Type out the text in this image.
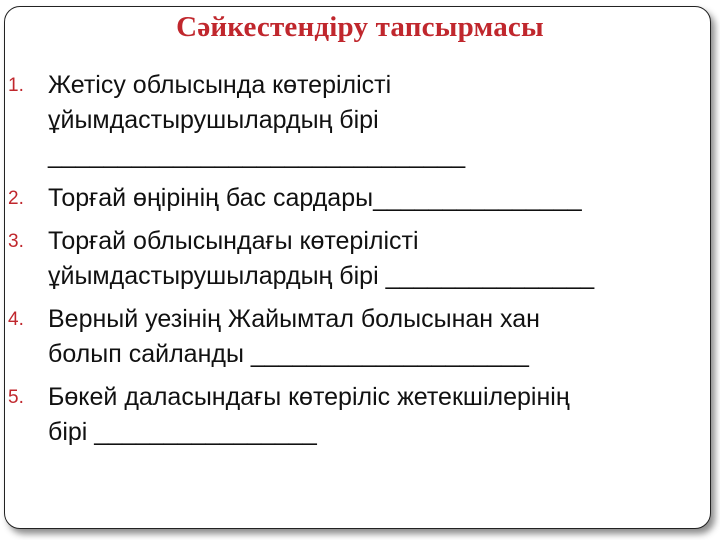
Сәйкестендіру тапсырмасы
1. Жетісу облысында көтерілісті
ұйымдастырушылардың бірі
______________________________
2. Торғай өңірінің бас сардары_______________
3. Торғай облысындағы көтерілісті
ұйымдастырушылардың бірі _______________
4. Верный уезінің Жайымтал болысынан хан
болып сайланды ____________________
5. Бөкей даласындағы көтеріліс жетекшілерінің
бірі ________________
